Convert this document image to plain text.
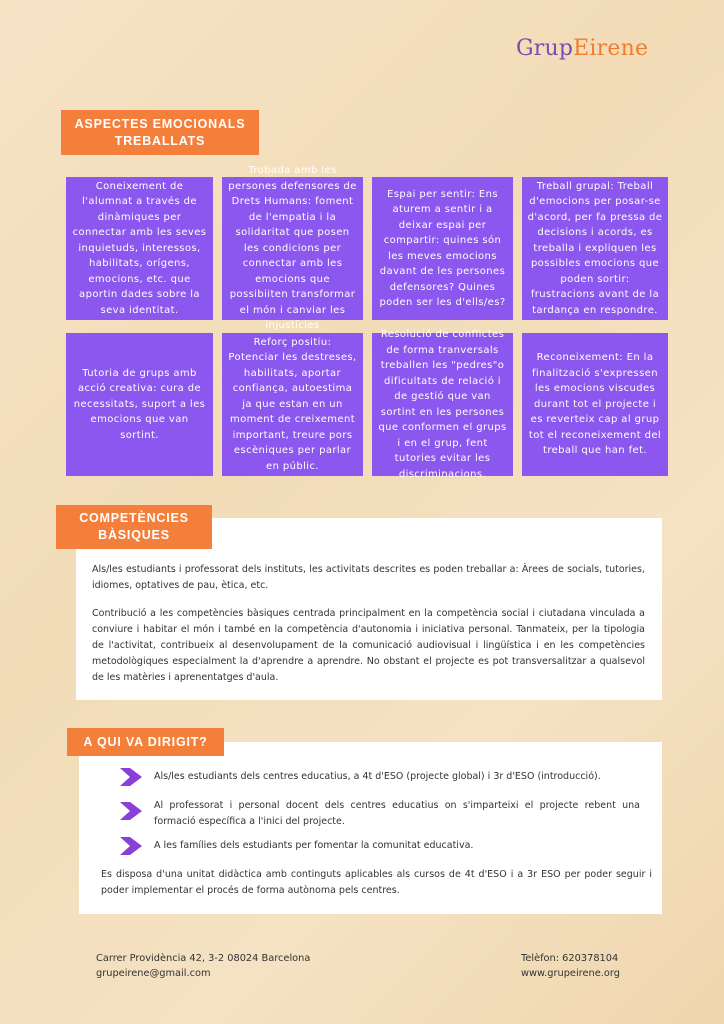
GrupEirene
ASPECTES EMOCIONALS TREBALLATS
Coneixement de l'alumnat a través de dinàmiques per connectar amb les seves inquietuds, interessos, habilitats, orígens, emocions, etc. que aportin dades sobre la seva identitat.
Trobada amb les persones defensores de Drets Humans: foment de l'empatia i la solidaritat que posen les condicions per connectar amb les emocions que possibiiten transformar el món i canviar les injustícies
Espai per sentir: Ens aturem a sentir i a deixar espai per compartir: quines són les meves emocions davant de les persones defensores? Quines poden ser les d'ells/es?
Treball grupal: Treball d'emocions per posar-se d'acord, per fa pressa de decisions i acords, es treballa i expliquen les possibles emocions que poden sortir: frustracions avant de la tardança en respondre.
Tutoria de grups amb acció creativa: cura de necessitats, suport a les emocions que van sortint.
Reforç positiu: Potenciar les destreses, habilitats, aportar confiança, autoestima ja que estan en un moment de creixement important, treure pors escèniques per parlar en públic.
Resolució de conflictes de forma tranversals treballen les "pedres"o dificultats de relació i de gestió que van sortint en les persones que conformen el grups i en el grup, fent tutories evitar les discriminacions.
Reconeixement: En la finalització s'expressen les emocions viscudes durant tot el projecte i es reverteix cap al grup tot el reconeixement del treball que han fet.
COMPETÈNCIES BÀSIQUES
Als/les estudiants i professorat dels instituts, les activitats descrites es poden treballar a: Àrees de socials, tutories, idiomes, optatives de pau, ètica, etc.
Contribució a les competències bàsiques centrada principalment en la competència social i ciutadana vinculada a conviure i habitar el món i també en la competència d'autonomia i iniciativa personal. Tanmateix, per la tipologia de l'activitat, contribueix al desenvolupament de la comunicació audiovisual i lingüística i en les competències metodològiques especialment la d'aprendre a aprendre. No obstant el projecte es pot transversalitzar a qualsevol de les matèries i aprenentatges d'aula.
A QUI VA DIRIGIT?
Als/les estudiants dels centres educatius, a 4t d'ESO (projecte global) i 3r d'ESO (introducció).
Al professorat i personal docent dels centres educatius on s'imparteixi el projecte rebent una formació específica a l'inici del projecte.
A les famílies dels estudiants per fomentar la comunitat educativa.
Es disposa d'una unitat didàctica amb continguts aplicables als cursos de 4t d'ESO i a 3r ESO per poder seguir i poder implementar el procés de forma autònoma pels centres.
Carrer Providència 42, 3-2 08024 Barcelona
grupeirene@gmail.com
Telèfon: 620378104
www.grupeirene.org
